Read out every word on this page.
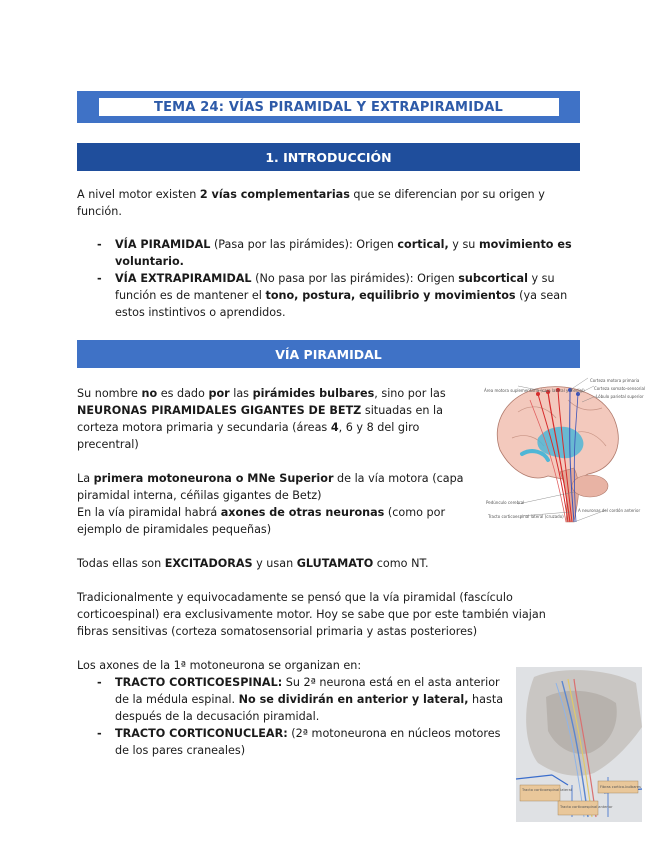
TEMA 24: VÍAS PIRAMIDAL Y EXTRAPIRAMIDAL
1. INTRODUCCIÓN

A nivel motor existen 2 vías complementarias que se diferencian por su origen y función.

- VÍA PIRAMIDAL (Pasa por las pirámides): Origen cortical, y su movimiento es voluntario.
- VÍA EXTRAPIRAMIDAL (No pasa por las pirámides): Origen subcortical y su función es de mantener el tono, postura, equilibrio y movimientos (ya sean estos instintivos o aprendidos.
VÍA PIRAMIDAL

Su nombre no es dado por las pirámides bulbares, sino por las NEURONAS PIRAMIDALES GIGANTES DE BETZ situadas en la corteza motora primaria y secundaria (áreas 4, 6 y 8 del giro precentral)

La primera motoneurona o MNe Superior de la vía motora (capa piramidal interna, céñilas gigantes de Betz)

En la vía piramidal habrá axones de otras neuronas (como por ejemplo de piramidales pequeñas)

Todas ellas son EXCITADORAS y usan GLUTAMATO como NT.

Tradicionalmente y equivocadamente se pensó que la vía piramidal (fascículo corticoespinal) era exclusivamente motor. Hoy se sabe que por este también viajan fibras sensitivas (corteza somatosensorial primaria y astas posteriores)

Los axones de la 1ª motoneurona se organizan en:

- TRACTO CORTICOESPINAL: Su 2ª neurona está en el asta anterior de la médula espinal. No se dividirán en anterior y lateral, hasta después de la decusación piramidal.
- TRACTO CORTICONUCLEAR: (2ª motoneurona en núcleos motores de los pares craneales)
Área motora suplementaria (cara lateral y medial)
Corteza motora primaria
Corteza somato-sensorial
Lóbulo parietal superior
Pedúnculo cerebral
Tracto corticoespinal lateral (cruzado)
A neuronas del cordón anterior
Tracto corticoespinal lateral
Fibras cortico-bulbares
Tracto corticoespinal anterior
